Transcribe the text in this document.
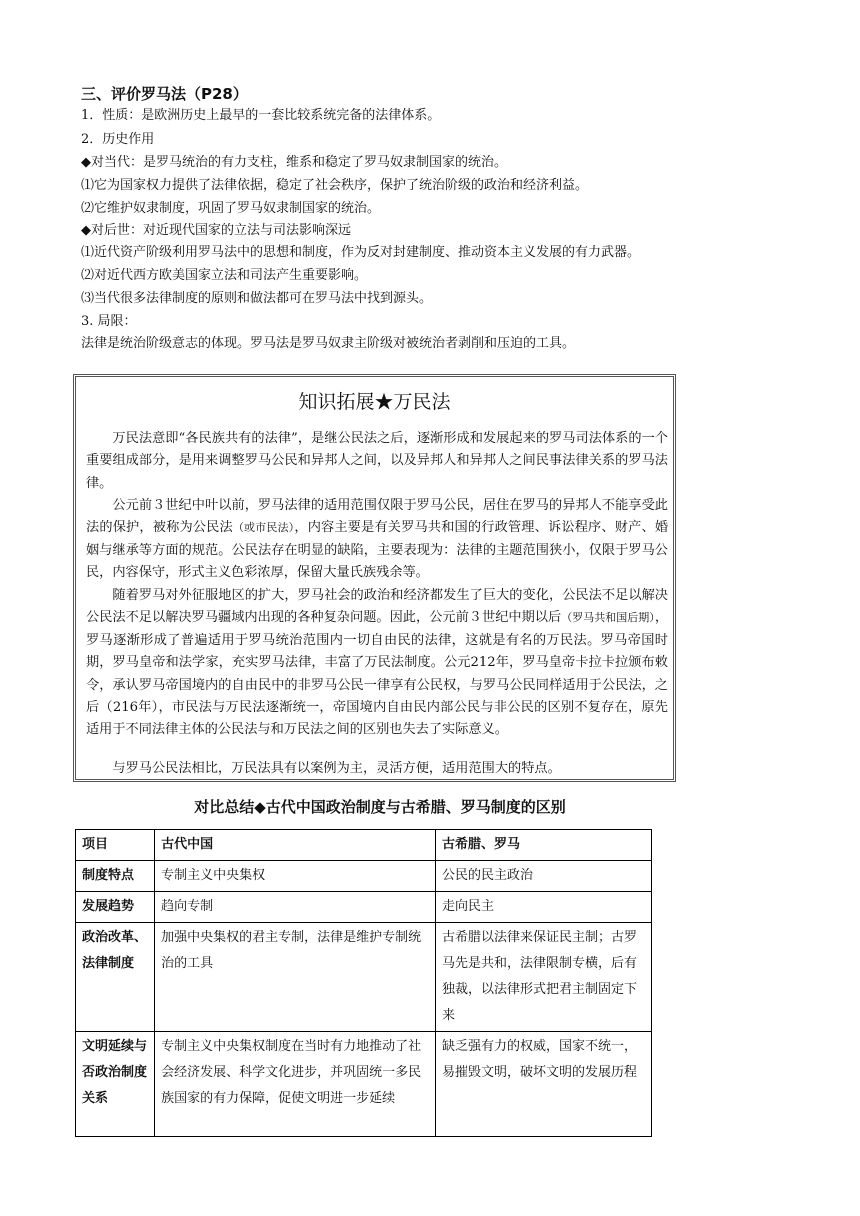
三、评价罗马法（P28）
1．性质：是欧洲历史上最早的一套比较系统完备的法律体系。
2．历史作用
◆对当代：是罗马统治的有力支柱，维系和稳定了罗马奴隶制国家的统治。
⑴它为国家权力提供了法律依据，稳定了社会秩序，保护了统治阶级的政治和经济利益。
⑵它维护奴隶制度，巩固了罗马奴隶制国家的统治。
◆对后世：对近现代国家的立法与司法影响深远
⑴近代资产阶级利用罗马法中的思想和制度，作为反对封建制度、推动资本主义发展的有力武器。
⑵对近代西方欧美国家立法和司法产生重要影响。
⑶当代很多法律制度的原则和做法都可在罗马法中找到源头。
3. 局限：
法律是统治阶级意志的体现。罗马法是罗马奴隶主阶级对被统治者剥削和压迫的工具。
知识拓展★万民法
万民法意即“各民族共有的法律”，是继公民法之后，逐渐形成和发展起来的罗马司法体系的一个重要组成部分，是用来调整罗马公民和异邦人之间，以及异邦人和异邦人之间民事法律关系的罗马法律。
公元前３世纪中叶以前，罗马法律的适用范围仅限于罗马公民，居住在罗马的异邦人不能享受此法的保护，被称为公民法（或市民法），内容主要是有关罗马共和国的行政管理、诉讼程序、财产、婚姻与继承等方面的规范。公民法存在明显的缺陷，主要表现为：法律的主题范围狭小，仅限于罗马公民，内容保守，形式主义色彩浓厚，保留大量氏族残余等。
随着罗马对外征服地区的扩大，罗马社会的政治和经济都发生了巨大的变化，公民法不足以解决公民法不足以解决罗马疆域内出现的各种复杂问题。因此，公元前３世纪中期以后（罗马共和国后期），罗马逐渐形成了普遍适用于罗马统治范围内一切自由民的法律，这就是有名的万民法。罗马帝国时期，罗马皇帝和法学家，充实罗马法律，丰富了万民法制度。公元212年，罗马皇帝卡拉卡拉颁布敕令，承认罗马帝国境内的自由民中的非罗马公民一律享有公民权，与罗马公民同样适用于公民法，之后（216年），市民法与万民法逐渐统一，帝国境内自由民内部公民与非公民的区别不复存在，原先适用于不同法律主体的公民法与和万民法之间的区别也失去了实际意义。
与罗马公民法相比，万民法具有以案例为主，灵活方便，适用范围大的特点。
对比总结◆古代中国政治制度与古希腊、罗马制度的区别
项目	古代中国	古希腊、罗马
制度特点	专制主义中央集权	公民的民主政治
发展趋势	趋向专制	走向民主
政治改革、法律制度	加强中央集权的君主专制，法律是维护专制统治的工具	古希腊以法律来保证民主制；古罗马先是共和，法律限制专横，后有独裁，以法律形式把君主制固定下来
文明延续与否政治制度关系	专制主义中央集权制度在当时有力地推动了社会经济发展、科学文化进步，并巩固统一多民族国家的有力保障，促使文明进一步延续	缺乏强有力的权威，国家不统一，易摧毁文明，破坏文明的发展历程
